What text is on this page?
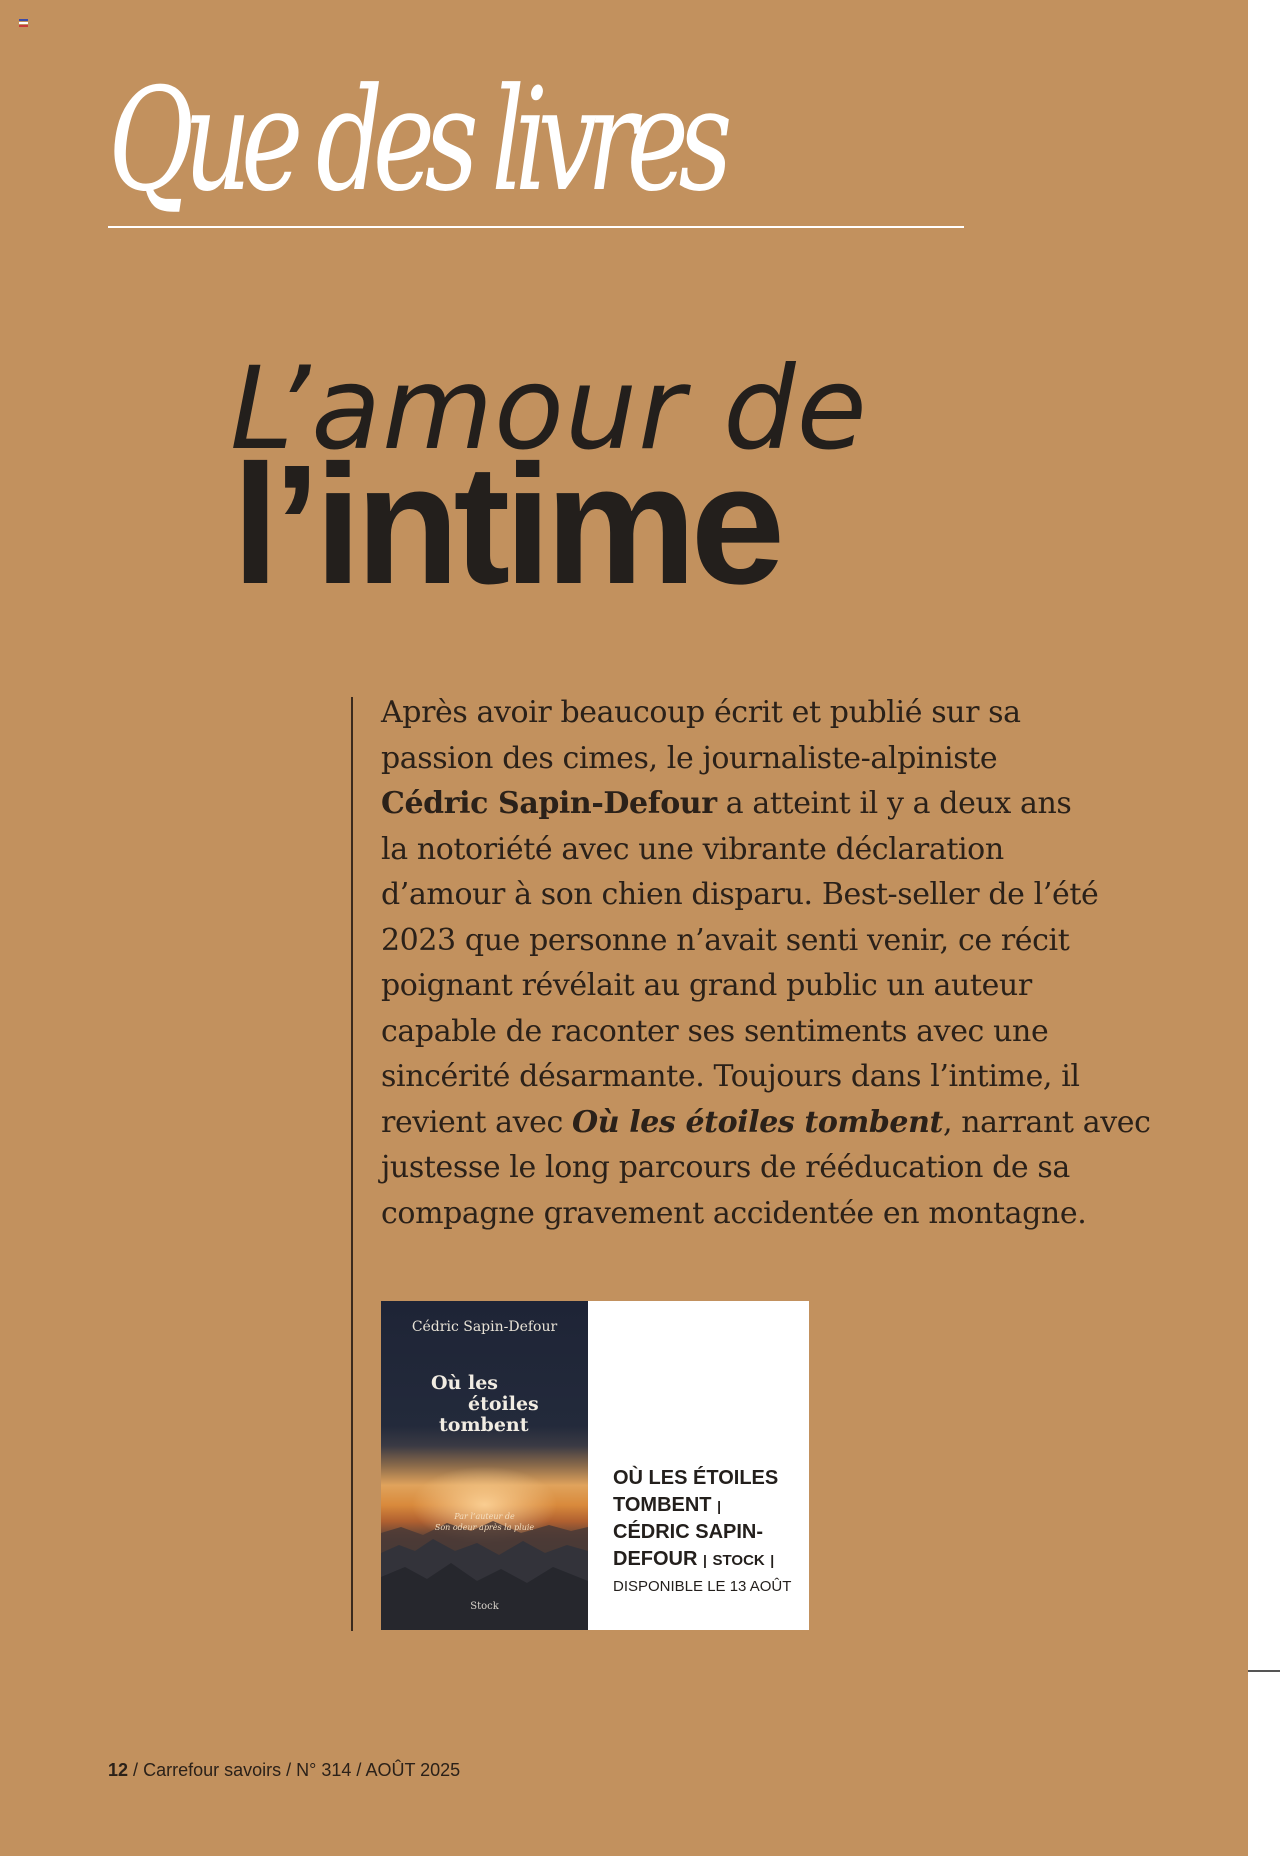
Que des livres
L’amour de
l’intime
Après avoir beaucoup écrit et publié sur sa
passion des cimes, le journaliste-alpiniste
Cédric Sapin-Defour a atteint il y a deux ans
la notoriété avec une vibrante déclaration
d’amour à son chien disparu. Best-seller de l’été
2023 que personne n’avait senti venir, ce récit
poignant révélait au grand public un auteur
capable de raconter ses sentiments avec une
sincérité désarmante. Toujours dans l’intime, il
revient avec Où les étoiles tombent, narrant avec
justesse le long parcours de rééducation de sa
compagne gravement accidentée en montagne.
Cédric Sapin-Defour
Où les
étoiles
tombent
Par l’auteur de
Son odeur après la pluie
Stock
OÙ LES ÉTOILES
TOMBENT |
CÉDRIC SAPIN-
DEFOUR | STOCK |
DISPONIBLE LE 13 AOÛT
12 / Carrefour savoirs / N° 314 / AOÛT 2025
